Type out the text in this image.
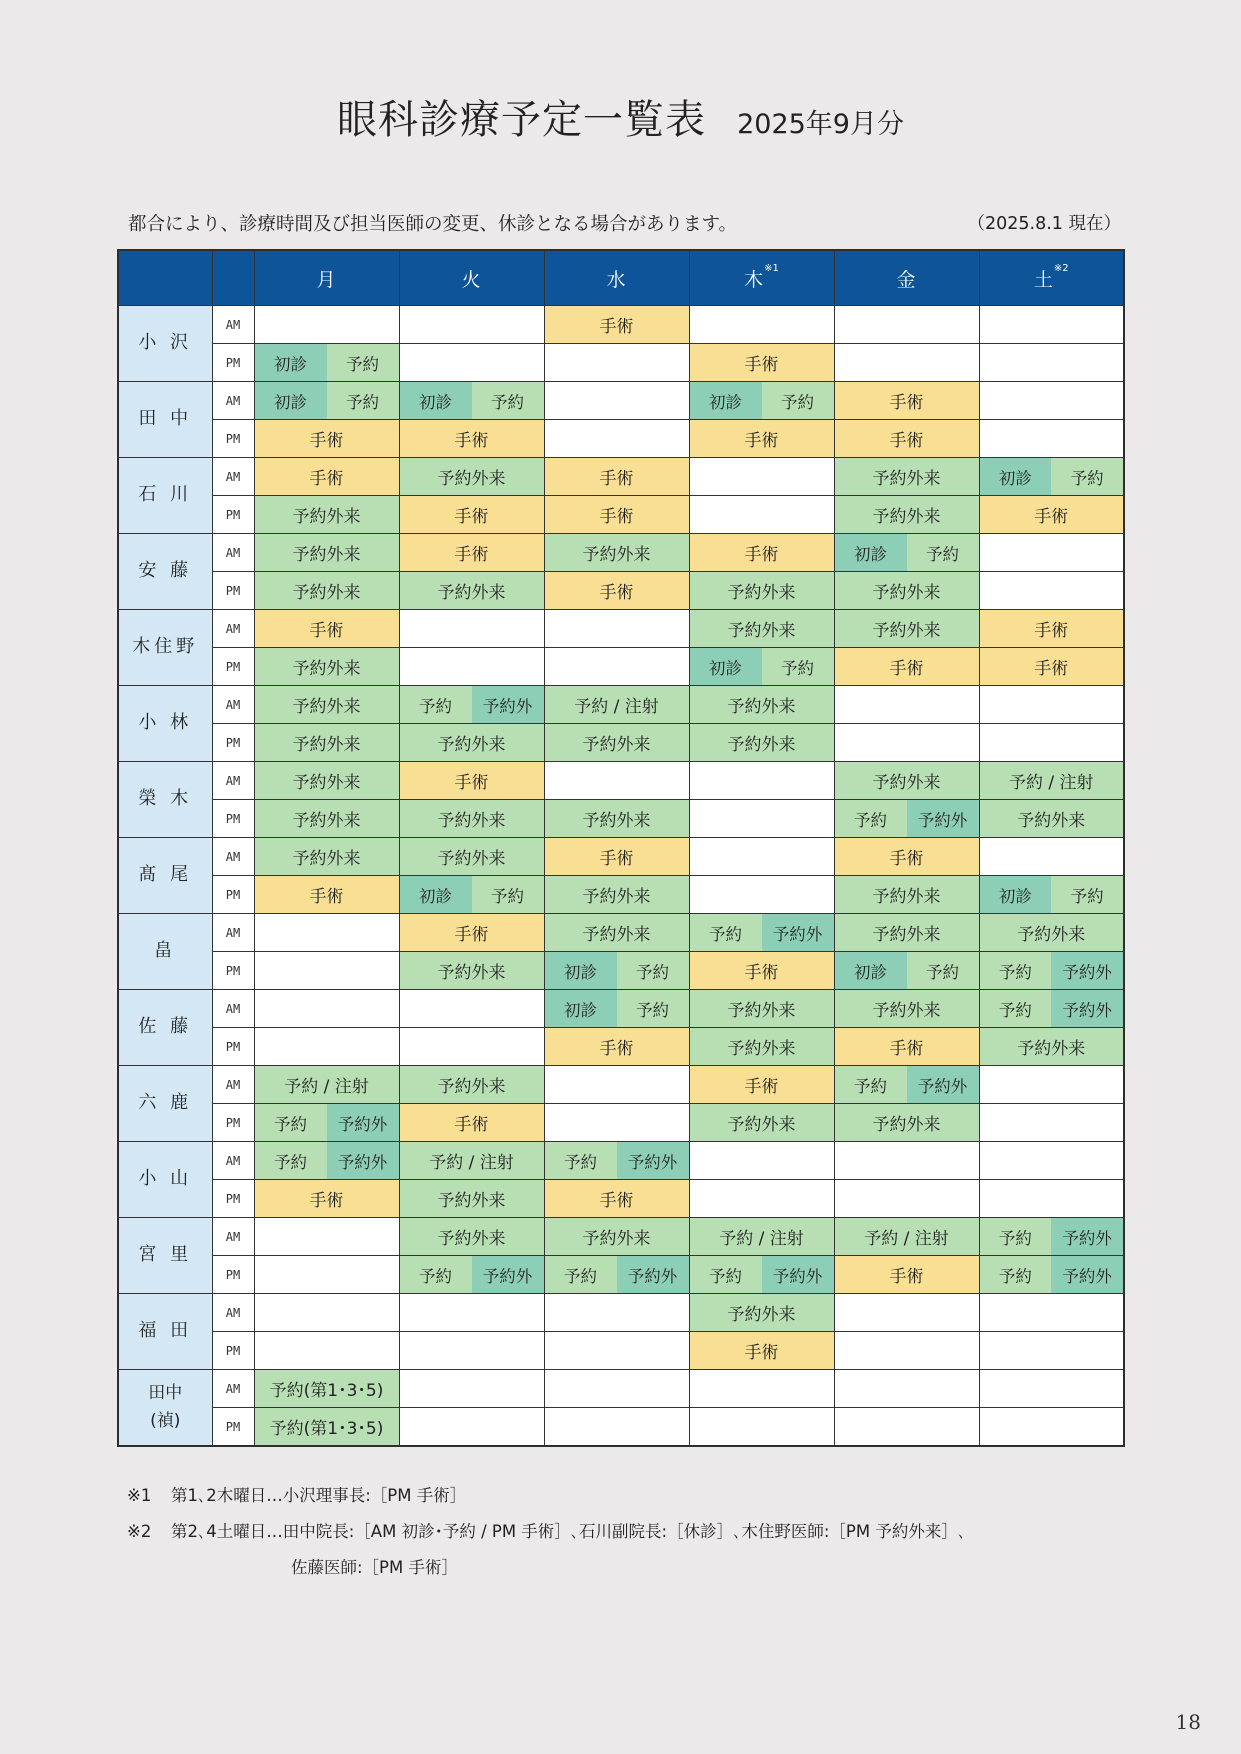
眼科診療予定一覧表 2025年9月分
都合により、診療時間及び担当医師の変更、休診となる場合があります。	（2025.8.1 現在）
		月	火	水	木$^{※1}$	金	土$^{※2}$
小 沢	AM			手術			
	PM	初診 予約			手術		
田 中	AM	初診 予約	初診 予約		初診 予約	手術	
	PM	手術	手術		手術	手術	
石 川	AM	手術	予約外来	手術		予約外来	初診 予約

	PM	予約外来	手術	手術		予約外来	手術
安 藤	AM	予約外来	手術	予約外来	手術	初診 予約	

	PM	予約外来	予約外来	手術	予約外来	予約外来	
木住野	AM	手術			予約外来	予約外来	手術
	PM	予約外来			初診 予約	手術	手術
小 林	AM	予約外来	予約 予約外	予約 / 注射	予約外来		
	PM	予約外来	予約外来	予約外来	予約外来		
榮 木	AM	予約外来	手術			予約外来	予約 / 注射
	PM	予約外来	予約外来	予約外来		予約 予約外	予約外来
髙 尾	AM	予約外来	予約外来	手術		手術	
	PM	手術	初診 予約	予約外来		予約外来	初診 予約

畠	AM		手術	予約外来	予約 予約外	予約外来	予約外来
	PM		予約外来	初診 予約	手術	初診 予約	予約 予約外

佐 藤	AM			初診 予約	予約外来	予約外来	予約 予約外

	PM			手術	予約外来	手術	予約外来
六 鹿	AM	予約 / 注射	予約外来		手術	予約 予約外	

	PM	予約 予約外	手術		予約外来	予約外来	
小 山	AM	予約 予約外	予約 / 注射	予約 予約外			

	PM	手術	予約外来	手術			
宮 里	AM		予約外来	予約外来	予約 / 注射	予約 / 注射	予約 予約外

	PM		予約 予約外	予約 予約外	予約 予約外	手術	予約 予約外

福 田	AM				予約外来		
	PM				手術		
田中
(禎)	AM	予約(第1･3･5)					
	PM	予約(第1･3･5)					
※1 第1､2木曜日…小沢理事長:［PM 手術］
※2 第2､4土曜日…田中院長:［AM 初診･予約 / PM 手術］､石川副院長:［休診］､木住野医師:［PM 予約外来］､
佐藤医師:［PM 手術］
18
